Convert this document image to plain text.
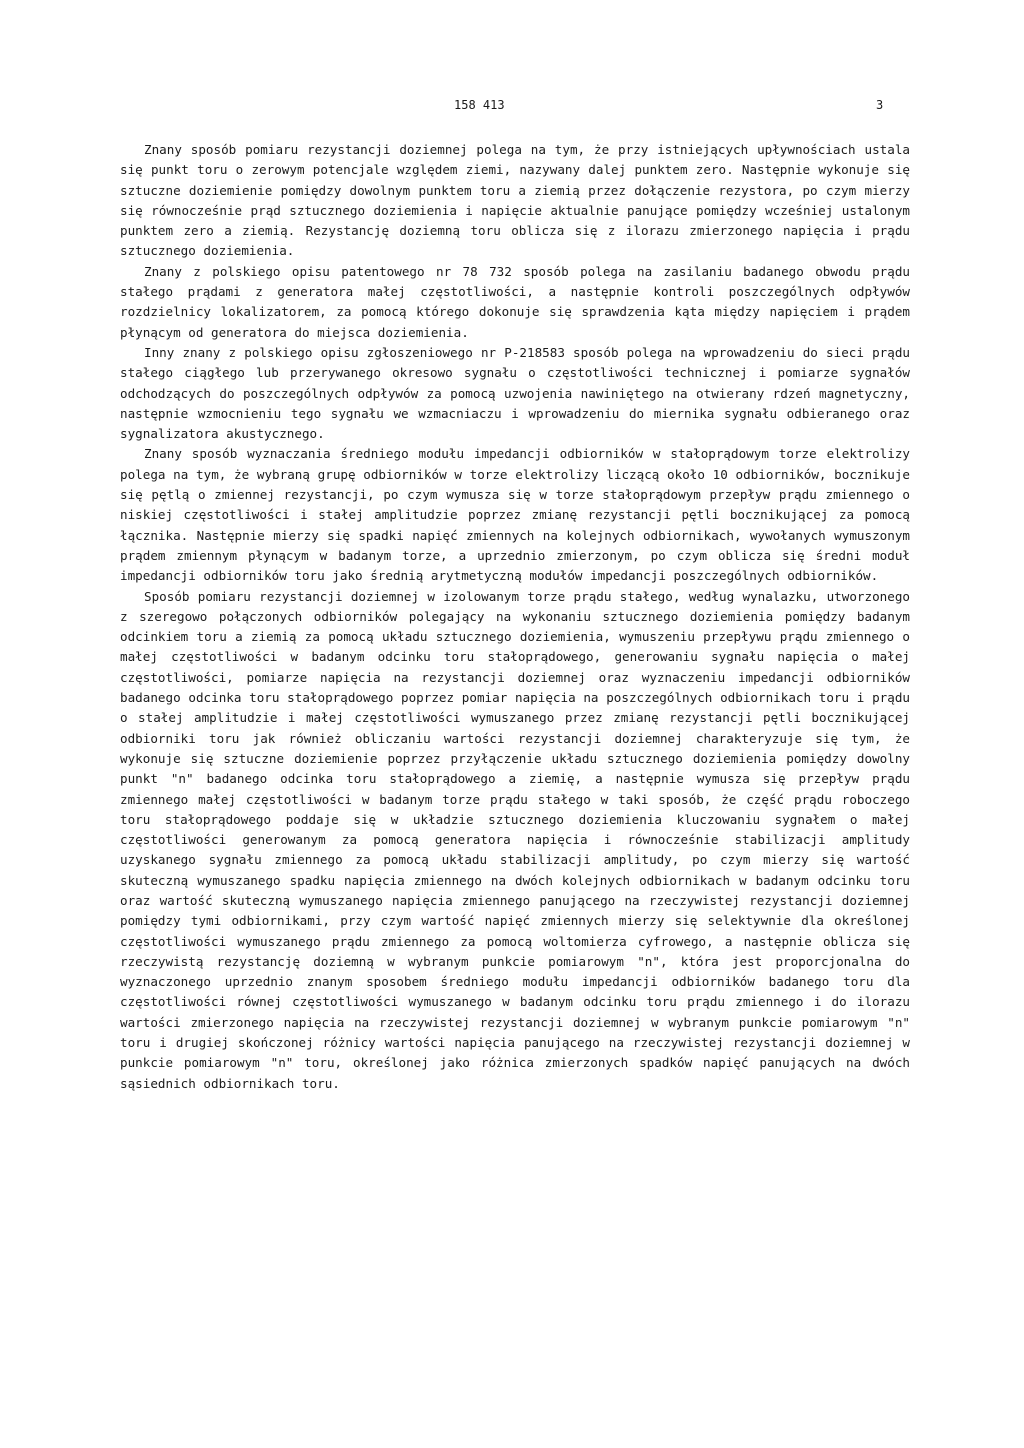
158 413	3

Znany sposób pomiaru rezystancji doziemnej polega na tym, że przy istniejących upływnościach ustala się punkt toru o zerowym potencjale względem ziemi, nazywany dalej punktem zero. Następnie wykonuje się sztuczne doziemienie pomiędzy dowolnym punktem toru a ziemią przez dołączenie rezystora, po czym mierzy się równocześnie prąd sztucznego doziemienia i napięcie aktualnie panujące pomiędzy wcześniej ustalonym punktem zero a ziemią. Rezystancję doziemną toru oblicza się z ilorazu zmierzonego napięcia i prądu sztucznego doziemienia.

Znany z polskiego opisu patentowego nr 78 732 sposób polega na zasilaniu badanego obwodu prądu stałego prądami z generatora małej częstotliwości, a następnie kontroli poszczególnych odpływów rozdzielnicy lokalizatorem, za pomocą którego dokonuje się sprawdzenia kąta między napięciem i prądem płynącym od generatora do miejsca doziemienia.

Inny znany z polskiego opisu zgłoszeniowego nr P-218583 sposób polega na wprowadzeniu do sieci prądu stałego ciągłego lub przerywanego okresowo sygnału o częstotliwości technicznej i pomiarze sygnałów odchodzących do poszczególnych odpływów za pomocą uzwojenia nawiniętego na otwierany rdzeń magnetyczny, następnie wzmocnieniu tego sygnału we wzmacniaczu i wprowadzeniu do miernika sygnału odbieranego oraz sygnalizatora akustycznego.

Znany sposób wyznaczania średniego modułu impedancji odbiorników w stałoprądowym torze elektrolizy polega na tym, że wybraną grupę odbiorników w torze elektrolizy liczącą około 10 odbiorników, bocznikuje się pętlą o zmiennej rezystancji, po czym wymusza się w torze stałoprądowym przepływ prądu zmiennego o niskiej częstotliwości i stałej amplitudzie poprzez zmianę rezystancji pętli bocznikującej za pomocą łącznika. Następnie mierzy się spadki napięć zmiennych na kolejnych odbiornikach, wywołanych wymuszonym prądem zmiennym płynącym w badanym torze, a uprzednio zmierzonym, po czym oblicza się średni moduł impedancji odbiorników toru jako średnią arytmetyczną modułów impedancji poszczególnych odbiorników.

Sposób pomiaru rezystancji doziemnej w izolowanym torze prądu stałego, według wynalazku, utworzonego z szeregowo połączonych odbiorników polegający na wykonaniu sztucznego doziemienia pomiędzy badanym odcinkiem toru a ziemią za pomocą układu sztucznego doziemienia, wymuszeniu przepływu prądu zmiennego o małej częstotliwości w badanym odcinku toru stałoprądowego, generowaniu sygnału napięcia o małej częstotliwości, pomiarze napięcia na rezystancji doziemnej oraz wyznaczeniu impedancji odbiorników badanego odcinka toru stałoprądowego poprzez pomiar napięcia na poszczególnych odbiornikach toru i prądu o stałej amplitudzie i małej częstotliwości wymuszanego przez zmianę rezystancji pętli bocznikującej odbiorniki toru jak również obliczaniu wartości rezystancji doziemnej charakteryzuje się tym, że wykonuje się sztuczne doziemienie poprzez przyłączenie układu sztucznego doziemienia pomiędzy dowolny punkt "n" badanego odcinka toru stałoprądowego a ziemię, a następnie wymusza się przepływ prądu zmiennego małej częstotliwości w badanym torze prądu stałego w taki sposób, że część prądu roboczego toru stałoprądowego poddaje się w układzie sztucznego doziemienia kluczowaniu sygnałem o małej częstotliwości generowanym za pomocą generatora napięcia i równocześnie stabilizacji amplitudy uzyskanego sygnału zmiennego za pomocą układu stabilizacji amplitudy, po czym mierzy się wartość skuteczną wymuszanego spadku napięcia zmiennego na dwóch kolejnych odbiornikach w badanym odcinku toru oraz wartość skuteczną wymuszanego napięcia zmiennego panującego na rzeczywistej rezystancji doziemnej pomiędzy tymi odbiornikami, przy czym wartość napięć zmiennych mierzy się selektywnie dla określonej częstotliwości wymuszanego prądu zmiennego za pomocą woltomierza cyfrowego, a następnie oblicza się rzeczywistą rezystancję doziemną w wybranym punkcie pomiarowym "n", która jest proporcjonalna do wyznaczonego uprzednio znanym sposobem średniego modułu impedancji odbiorników badanego toru dla częstotliwości równej częstotliwości wymuszanego w badanym odcinku toru prądu zmiennego i do ilorazu wartości zmierzonego napięcia na rzeczywistej rezystancji doziemnej w wybranym punkcie pomiarowym "n" toru i drugiej skończonej różnicy wartości napięcia panującego na rzeczywistej rezystancji doziemnej w punkcie pomiarowym "n" toru, określonej jako różnica zmierzonych spadków napięć panujących na dwóch sąsiednich odbiornikach toru.
